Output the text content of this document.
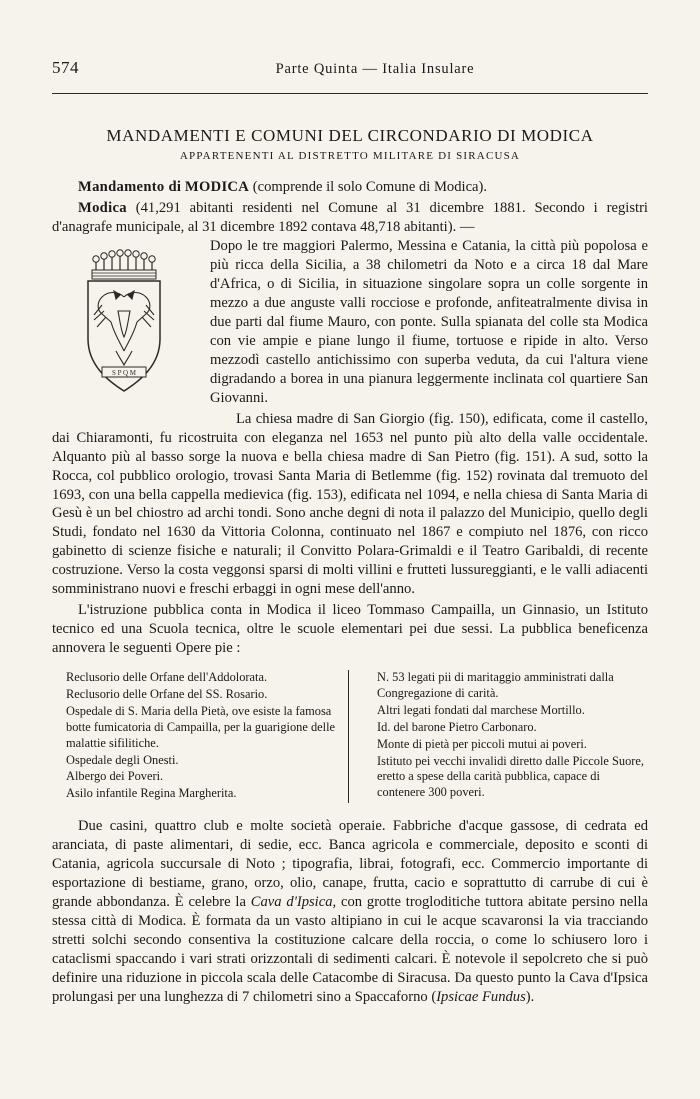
574	Parte Quinta — Italia Insulare
MANDAMENTI E COMUNI DEL CIRCONDARIO DI MODICA
APPARTENENTI AL DISTRETTO MILITARE DI SIRACUSA

Mandamento di MODICA (comprende il solo Comune di Modica).

Modica (41,291 abitanti residenti nel Comune al 31 dicembre 1881. Secondo i registri d'anagrafe municipale, al 31 dicembre 1892 contava 48,718 abitanti). —

S P Q M

Dopo le tre maggiori Palermo, Messina e Catania, la città più popolosa e più ricca della Sicilia, a 38 chilometri da Noto e a circa 18 dal Mare d'Africa, o di Sicilia, in situazione singolare sopra un colle sorgente in mezzo a due anguste valli rocciose e profonde, anfiteatralmente divisa in due parti dal fiume Mauro, con ponte. Sulla spianata del colle sta Modica con vie ampie e piane lungo il fiume, tortuose e ripide in alto. Verso mezzodì castello antichissimo con superba veduta, da cui l'altura viene digradando a borea in una pianura leggermente inclinata col quartiere San Giovanni.

La chiesa madre di San Giorgio (fig. 150), edificata, come il castello, dai Chiaramonti, fu ricostruita con eleganza nel 1653 nel punto più alto della valle occidentale. Alquanto più al basso sorge la nuova e bella chiesa madre di San Pietro (fig. 151). A sud, sotto la Rocca, col pubblico orologio, trovasi Santa Maria di Betlemme (fig. 152) rovinata dal tremuoto del 1693, con una bella cappella medievica (fig. 153), edificata nel 1094, e nella chiesa di Santa Maria di Gesù è un bel chiostro ad archi tondi. Sono anche degni di nota il palazzo del Municipio, quello degli Studi, fondato nel 1630 da Vittoria Colonna, continuato nel 1867 e compiuto nel 1876, con ricco gabinetto di scienze fisiche e naturali; il Convitto Polara-Grimaldi e il Teatro Garibaldi, di recente costruzione. Verso la costa veggonsi sparsi di molti villini e frutteti lussureggianti, e le valli adiacenti somministrano nuovi e freschi erbaggi in ogni mese dell'anno.

L'istruzione pubblica conta in Modica il liceo Tommaso Campailla, un Ginnasio, un Istituto tecnico ed una Scuola tecnica, oltre le scuole elementari pei due sessi. La pubblica beneficenza annovera le seguenti Opere pie :

Reclusorio delle Orfane dell'Addolorata.
Reclusorio delle Orfane del SS. Rosario.
Ospedale di S. Maria della Pietà, ove esiste la famosa botte fumicatoria di Campailla, per la guarigione delle malattie sifilitiche.
Ospedale degli Onesti.
Albergo dei Poveri.
Asilo infantile Regina Margherita.
N. 53 legati pii di maritaggio amministrati dalla Congregazione di carità.
Altri legati fondati dal marchese Mortillo.
Id. del barone Pietro Carbonaro.
Monte di pietà per piccoli mutui ai poveri.
Istituto pei vecchi invalidi diretto dalle Piccole Suore, eretto a spese della carità pubblica, capace di contenere 300 poveri.

Due casini, quattro club e molte società operaie. Fabbriche d'acque gassose, di cedrata ed aranciata, di paste alimentari, di sedie, ecc. Banca agricola e commerciale, deposito e sconti di Catania, agricola succursale di Noto ; tipografia, librai, fotografi, ecc. Commercio importante di esportazione di bestiame, grano, orzo, olio, canape, frutta, cacio e soprattutto di carrube di cui è grande abbondanza. È celebre la Cava d'Ipsica, con grotte trogloditiche tuttora abitate persino nella stessa città di Modica. È formata da un vasto altipiano in cui le acque scavaronsi la via tracciando stretti solchi secondo consentiva la costituzione calcare della roccia, o come lo schiusero loro i cataclismi spaccando i vari strati orizzontali di sedimenti calcari. È notevole il sepolcreto che si può definire una riduzione in piccola scala delle Catacombe di Siracusa. Da questo punto la Cava d'Ipsica prolungasi per una lunghezza di 7 chilometri sino a Spaccaforno (Ipsicae Fundus).
